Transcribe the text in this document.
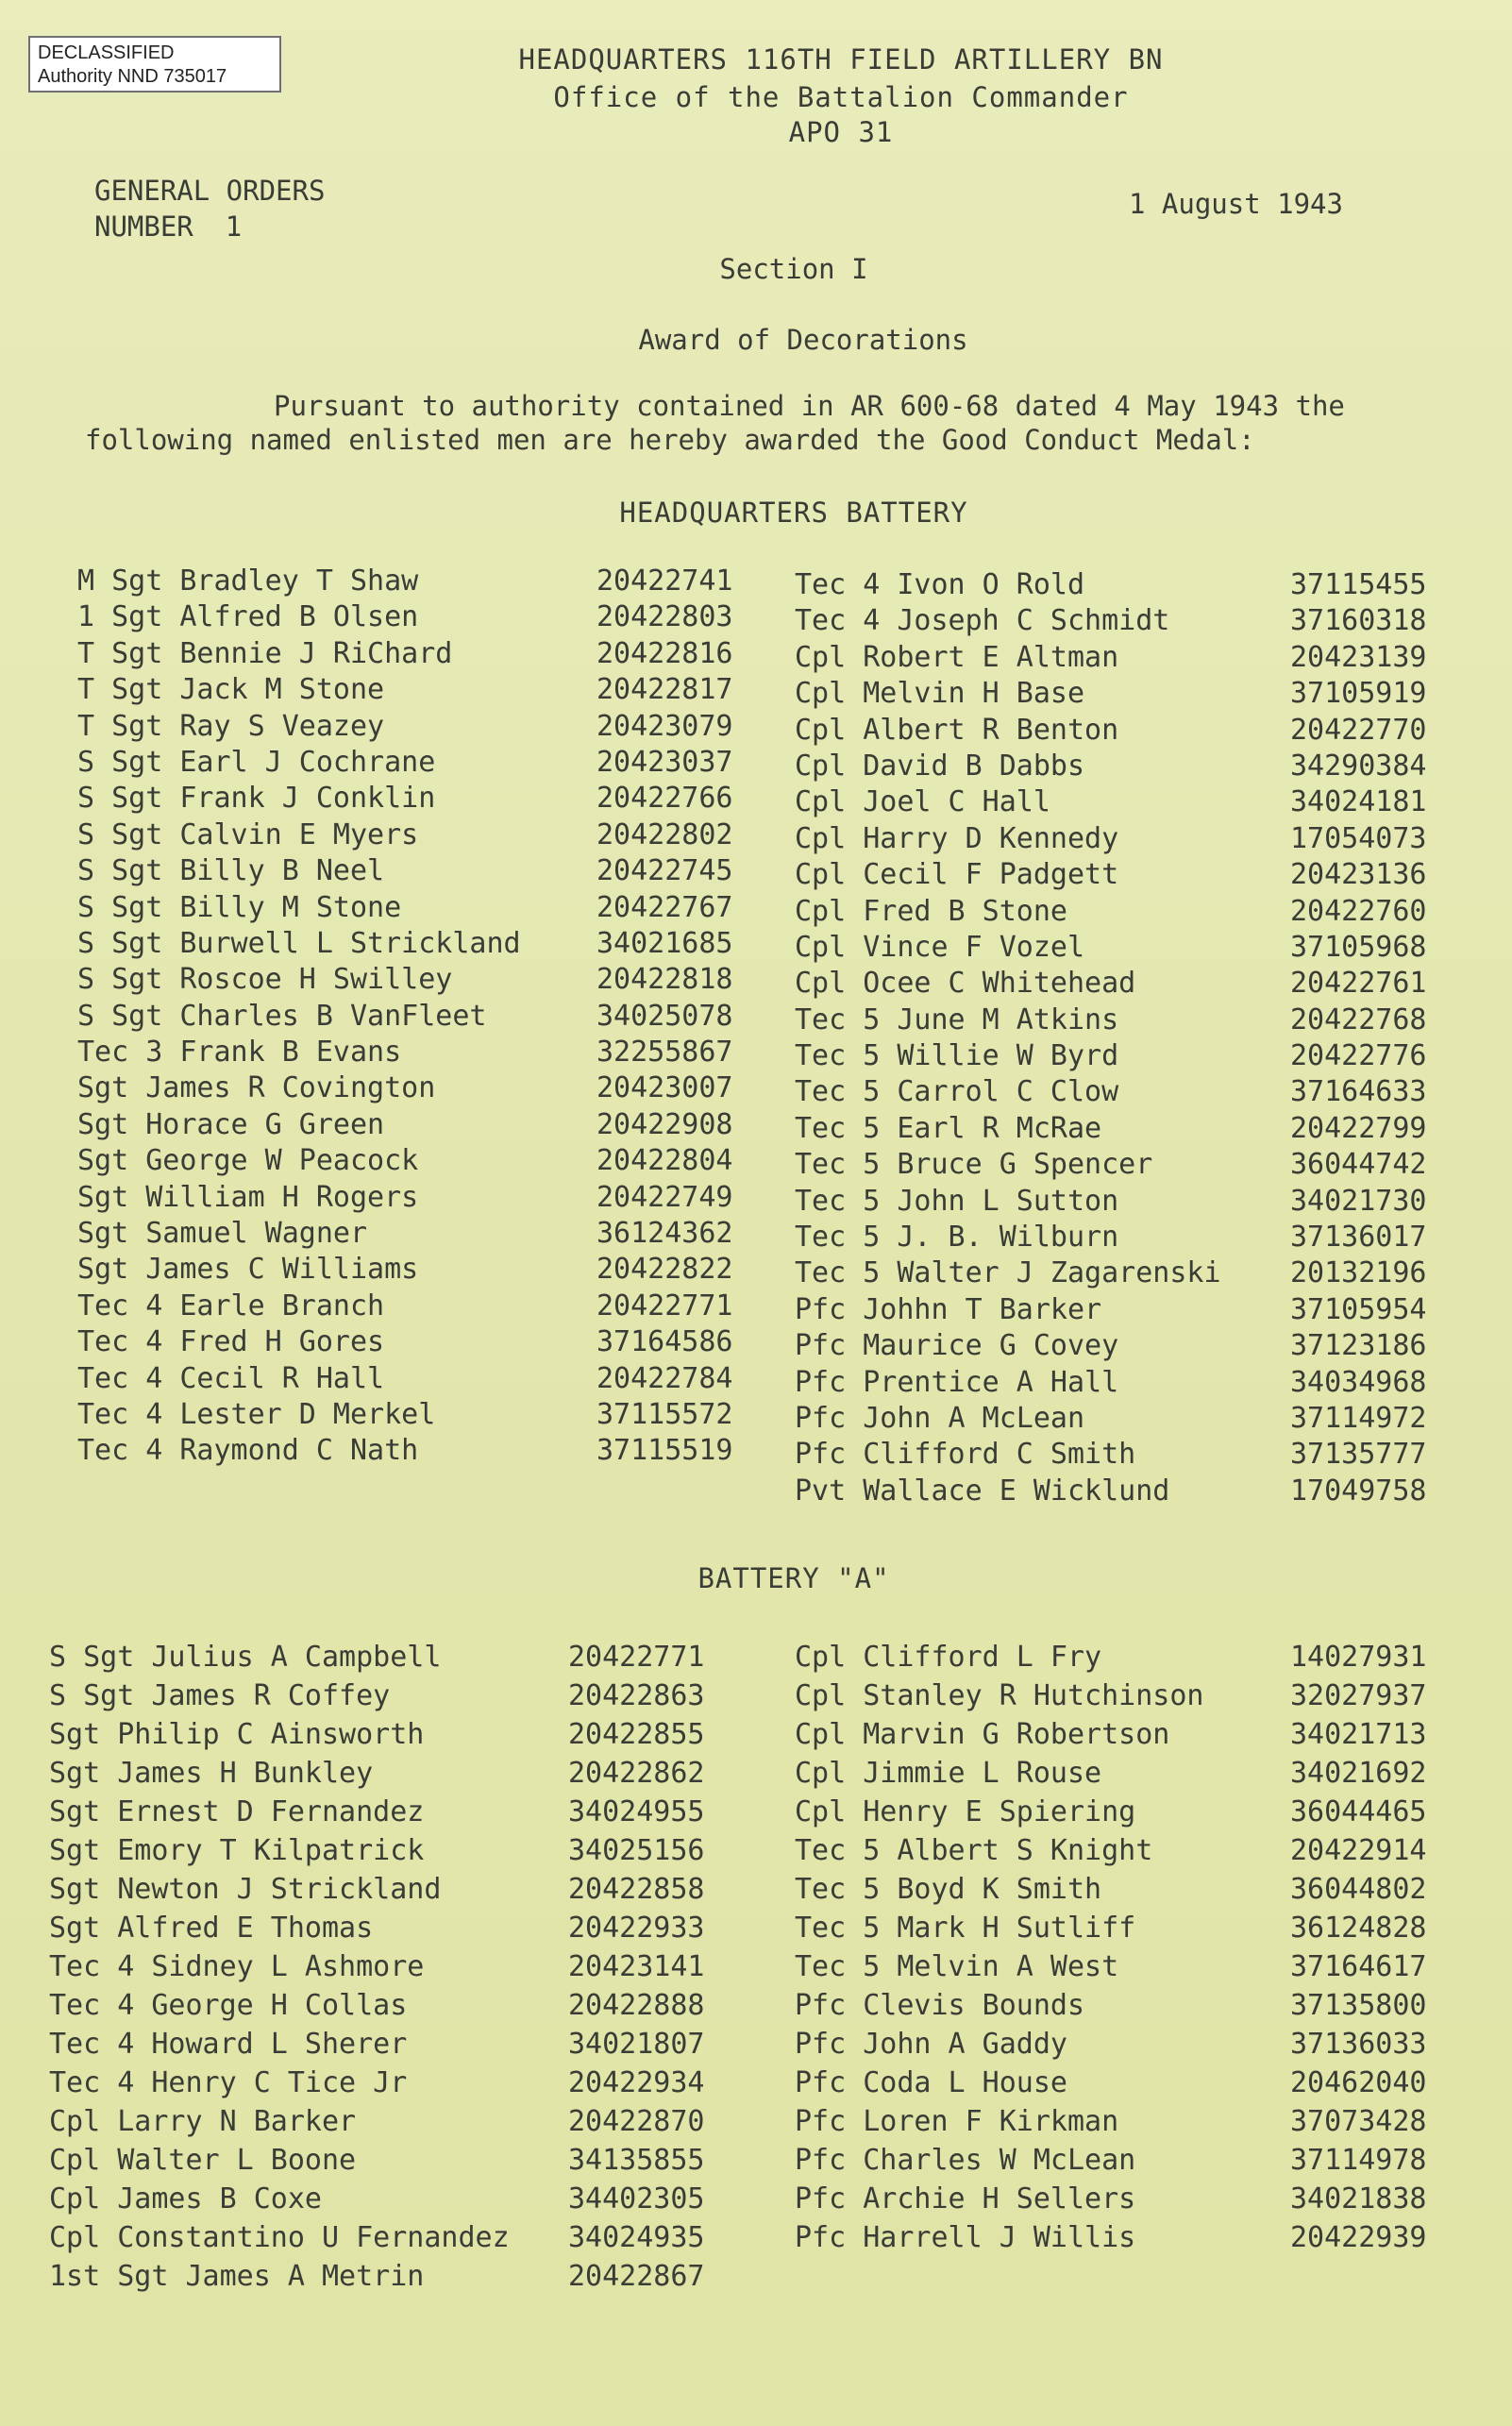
DECLASSIFIED
Authority NND 735017
HEADQUARTERS 116TH FIELD ARTILLERY BN
Office of the Battalion Commander
APO 31
GENERAL ORDERS
NUMBER 1
1 August 1943
Section I
Award of Decorations
Pursuant to authority contained in AR 600-68 dated 4 May 1943 the following named enlisted men are hereby awarded the Good Conduct Medal:
HEADQUARTERS BATTERY
M Sgt Bradley T Shaw	20422741
1 Sgt Alfred B Olsen	20422803
T Sgt Bennie J RiChard	20422816
T Sgt Jack M Stone	20422817
T Sgt Ray S Veazey	20423079
S Sgt Earl J Cochrane	20423037
S Sgt Frank J Conklin	20422766
S Sgt Calvin E Myers	20422802
S Sgt Billy B Neel	20422745
S Sgt Billy M Stone	20422767
S Sgt Burwell L Strickland	34021685
S Sgt Roscoe H Swilley	20422818
S Sgt Charles B VanFleet	34025078
Tec 3 Frank B Evans	32255867
Sgt James R Covington	20423007
Sgt Horace G Green	20422908
Sgt George W Peacock	20422804
Sgt William H Rogers	20422749
Sgt Samuel Wagner	36124362
Sgt James C Williams	20422822
Tec 4 Earle Branch	20422771
Tec 4 Fred H Gores	37164586
Tec 4 Cecil R Hall	20422784
Tec 4 Lester D Merkel	37115572
Tec 4 Raymond C Nath	37115519
Tec 4 Ivon O Rold	37115455
Tec 4 Joseph C Schmidt	37160318
Cpl Robert E Altman	20423139
Cpl Melvin H Base	37105919
Cpl Albert R Benton	20422770
Cpl David B Dabbs	34290384
Cpl Joel C Hall	34024181
Cpl Harry D Kennedy	17054073
Cpl Cecil F Padgett	20423136
Cpl Fred B Stone	20422760
Cpl Vince F Vozel	37105968
Cpl Ocee C Whitehead	20422761
Tec 5 June M Atkins	20422768
Tec 5 Willie W Byrd	20422776
Tec 5 Carrol C Clow	37164633
Tec 5 Earl R McRae	20422799
Tec 5 Bruce G Spencer	36044742
Tec 5 John L Sutton	34021730
Tec 5 J. B. Wilburn	37136017
Tec 5 Walter J Zagarenski 20132196
Pfc Johhn T Barker	37105954
Pfc Maurice G Covey	37123186
Pfc Prentice A Hall	34034968
Pfc John A McLean	37114972
Pfc Clifford C Smith	37135777
Pvt Wallace E Wicklund	17049758
BATTERY "A"
S Sgt Julius A Campbell	20422771
S Sgt James R Coffey	20422863
Sgt Philip C Ainsworth	20422855
Sgt James H Bunkley	20422862
Sgt Ernest D Fernandez	34024955
Sgt Emory T Kilpatrick	34025156
Sgt Newton J Strickland	20422858
Sgt Alfred E Thomas	20422933
Tec 4 Sidney L Ashmore	20423141
Tec 4 George H Collas	20422888
Tec 4 Howard L Sherer	34021807
Tec 4 Henry C Tice Jr	20422934
Cpl Larry N Barker	20422870
Cpl Walter L Boone	34135855
Cpl James B Coxe	34402305
Cpl Constantino U Fernandez 34024935
1st Sgt James A Metrin	20422867
Cpl Clifford L Fry	14027931
Cpl Stanley R Hutchinson	32027937
Cpl Marvin G Robertson	34021713
Cpl Jimmie L Rouse	34021692
Cpl Henry E Spiering	36044465
Tec 5 Albert S Knight	20422914
Tec 5 Boyd K Smith	36044802
Tec 5 Mark H Sutliff	36124828
Tec 5 Melvin A West	37164617
Pfc Clevis Bounds	37135800
Pfc John A Gaddy	37136033
Pfc Coda L House	20462040
Pfc Loren F Kirkman	37073428
Pfc Charles W McLean	37114978
Pfc Archie H Sellers	34021838
Pfc Harrell J Willis	20422939
